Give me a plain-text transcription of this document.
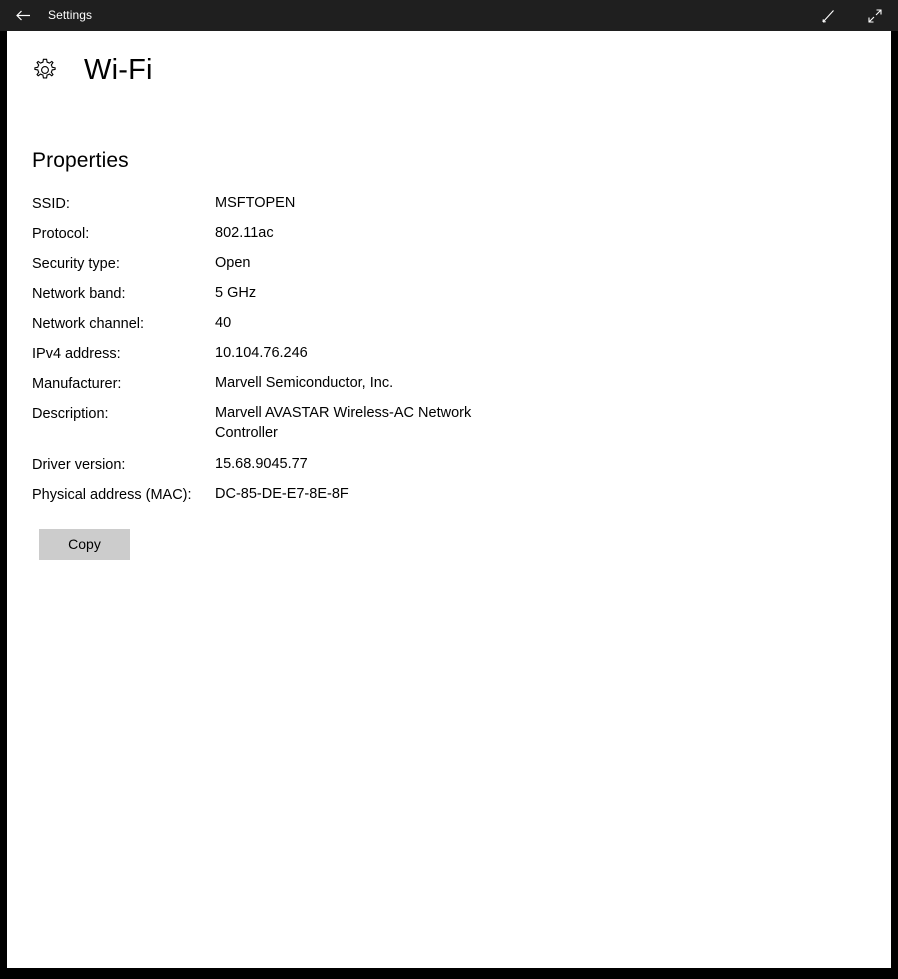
Settings
Wi-Fi
Properties
SSID:	MSFTOPEN
Protocol:	802.11ac
Security type:	Open
Network band:	5 GHz
Network channel:	40
IPv4 address:	10.104.76.246
Manufacturer:	Marvell Semiconductor, Inc.
Description:	Marvell AVASTAR Wireless-AC Network Controller
Driver version:	15.68.9045.77
Physical address (MAC):	DC-85-DE-E7-8E-8F
Copy
